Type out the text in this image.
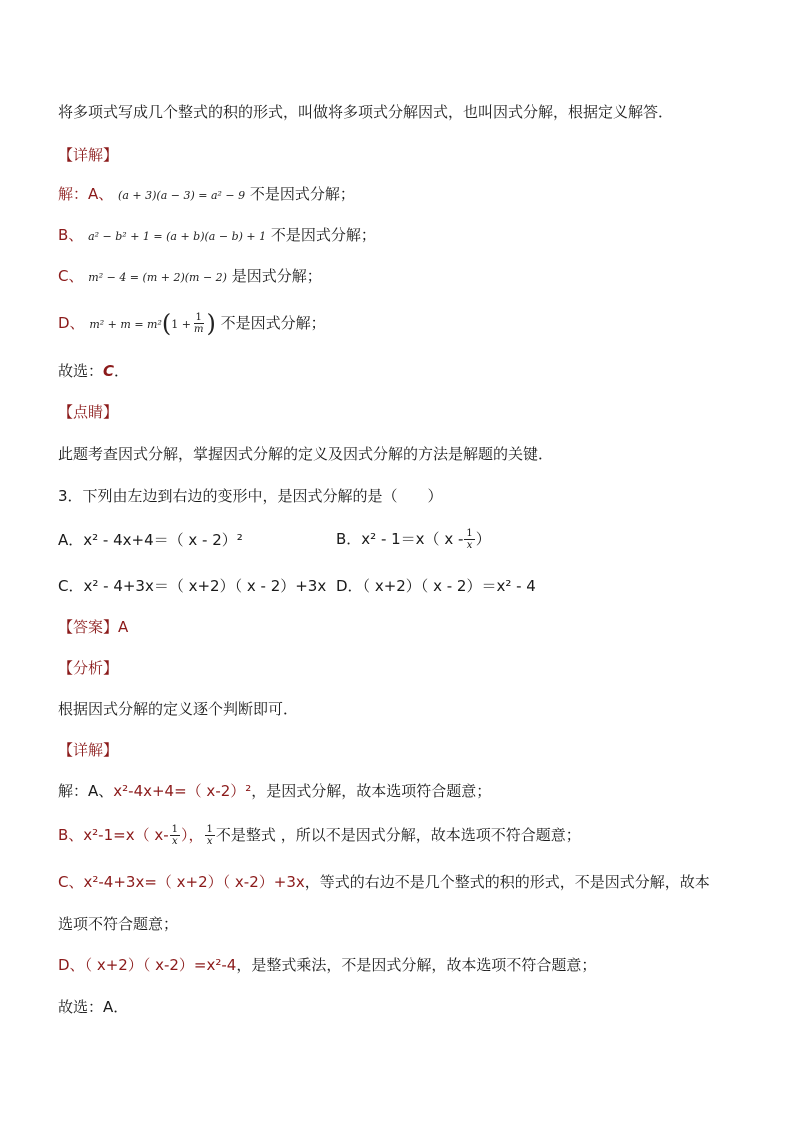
将多项式写成几个整式的积的形式，叫做将多项式分解因式，也叫因式分解，根据定义解答．
【详解】
解：A、 (a + 3)(a − 3) = a² − 9 不是因式分解；
B、 a² − b² + 1 = (a + b)(a − b) + 1 不是因式分解；
C、 m² − 4 = (m + 2)(m − 2) 是因式分解；
D、 $m^2 + m = m^2(1 + \frac{1}{m}$ ) 不是因式分解；
故选：C．
【点睛】
此题考查因式分解，掌握因式分解的定义及因式分解的方法是解题的关键．
3．下列由左边到右边的变形中，是因式分解的是（　　）
A．x² - 4x+4＝（ x - 2）²	B．x² - 1＝x（ x - $\frac{1}{x}$ ）
C．x² - 4+3x＝（ x+2）（ x - 2）+3x D．（ x+2）（ x - 2）＝x² - 4
【答案】A
【分析】
根据因式分解的定义逐个判断即可．
【详解】
解：A、x²-4x+4=（ x-2）²，是因式分解，故本选项符合题意；
B、x²-1=x（ $x- \frac{1}{x}$ ）， $\frac{1}{x}$ 不是整式 ，所以不是因式分解，故本选项不符合题意；
C、x²-4+3x=（ x+2）（ x-2）+3x，等式的右边不是几个整式的积的形式，不是因式分解，故本
选项不符合题意；
D、（ x+2）（ x-2）=x²-4，是整式乘法，不是因式分解，故本选项不符合题意；
故选：A．
